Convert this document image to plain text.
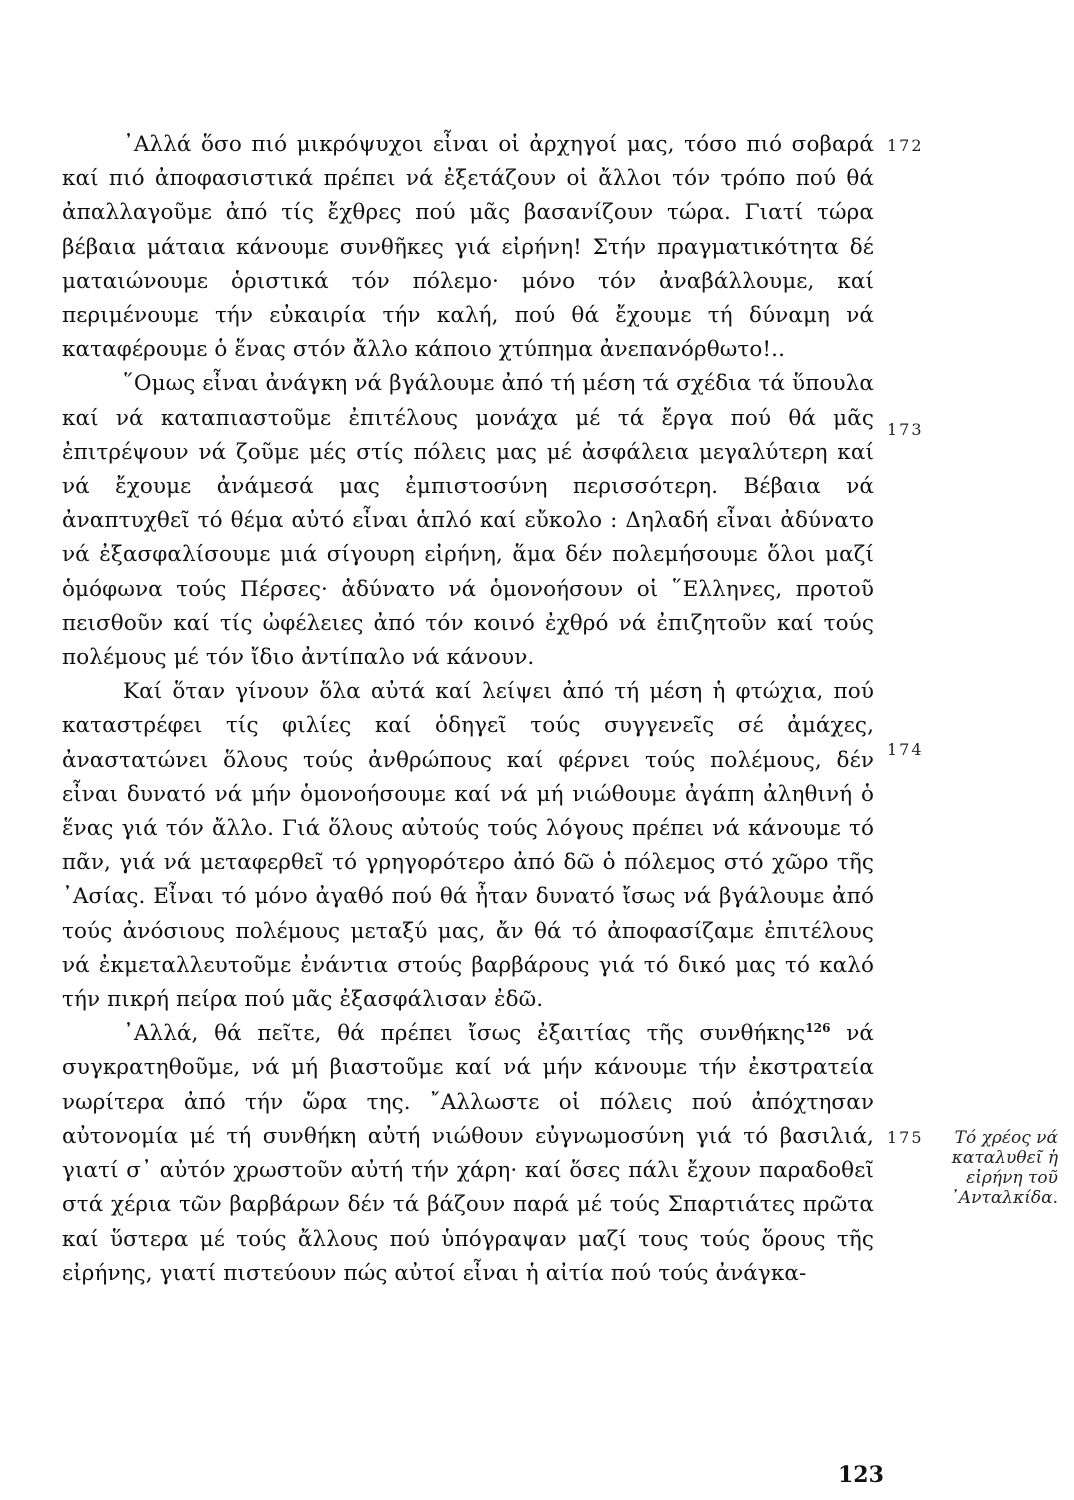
᾿Αλλά ὅσο πιό μικρόψυχοι εἶναι οἱ ἀρχηγοί μας, τόσο πιό σοβαρά καί πιό ἀποφασιστικά πρέπει νά ἐξετάζουν οἱ ἄλλοι τόν τρόπο πού θά ἀπαλλαγοῦμε ἀπό τίς ἔχθρες πού μᾶς βασανίζουν τώρα. Γιατί τώρα βέβαια μάταια κάνουμε συνθῆκες γιά εἰρήνη! Στήν πραγματικότητα δέ ματαιώνουμε ὁριστικά τόν πόλεμο· μόνο τόν ἀναβάλλουμε, καί περιμένουμε τήν εὐκαιρία τήν καλή, πού θά ἔχουμε τή δύναμη νά καταφέρουμε ὁ ἕνας στόν ἄλλο κάποιο χτύπημα ἀνεπανόρθωτο!..

῞Ομως εἶναι ἀνάγκη νά βγάλουμε ἀπό τή μέση τά σχέδια τά ὕπουλα καί νά καταπιαστοῦμε ἐπιτέλους μονάχα μέ τά ἔργα πού θά μᾶς ἐπιτρέψουν νά ζοῦμε μές στίς πόλεις μας μέ ἀσφάλεια μεγαλύτερη καί νά ἔχουμε ἀνάμεσά μας ἐμπιστοσύνη περισσότερη. Βέβαια νά ἀναπτυχθεῖ τό θέμα αὐτό εἶναι ἁπλό καί εὔκολο : Δηλαδή εἶναι ἀδύνατο νά ἐξασφαλίσουμε μιά σίγουρη εἰρήνη, ἅμα δέν πολεμήσουμε ὅλοι μαζί ὁμόφωνα τούς Πέρσες· ἀδύνατο νά ὁμονοήσουν οἱ ῞Ελληνες, προτοῦ πεισθοῦν καί τίς ὠφέλειες ἀπό τόν κοινό ἐχθρό νά ἐπιζητοῦν καί τούς πολέμους μέ τόν ἴδιο ἀντίπαλο νά κάνουν.

Καί ὅταν γίνουν ὅλα αὐτά καί λείψει ἀπό τή μέση ἡ φτώχια, πού καταστρέφει τίς φιλίες καί ὁδηγεῖ τούς συγγενεῖς σέ ἀμάχες, ἀναστατώνει ὅλους τούς ἀνθρώπους καί φέρνει τούς πολέμους, δέν εἶναι δυνατό νά μήν ὁμονοήσουμε καί νά μή νιώθουμε ἀγάπη ἀληθινή ὁ ἕνας γιά τόν ἄλλο. Γιά ὅλους αὐτούς τούς λόγους πρέπει νά κάνουμε τό πᾶν, γιά νά μεταφερθεῖ τό γρηγορότερο ἀπό δῶ ὁ πόλεμος στό χῶρο τῆς ᾿Ασίας. Εἶναι τό μόνο ἀγαθό πού θά ἦταν δυνατό ἴσως νά βγάλουμε ἀπό τούς ἀνόσιους πολέμους μεταξύ μας, ἄν θά τό ἀποφασίζαμε ἐπιτέλους νά ἐκμεταλλευτοῦμε ἐνάντια στούς βαρβάρους γιά τό δικό μας τό καλό τήν πικρή πείρα πού μᾶς ἐξασφάλισαν ἐδῶ.

᾿Αλλά, θά πεῖτε, θά πρέπει ἴσως ἐξαιτίας τῆς συνθήκης$^{126}$ νά συγκρατηθοῦμε, νά μή βιαστοῦμε καί νά μήν κάνουμε τήν ἐκστρατεία νωρίτερα ἀπό τήν ὥρα της. ῎Αλλωστε οἱ πόλεις πού ἀπόχτησαν αὐτονομία μέ τή συνθήκη αὐτή νιώθουν εὐγνωμοσύνη γιά τό βασιλιά, γιατί σ᾿ αὐτόν χρωστοῦν αὐτή τήν χάρη· καί ὅσες πάλι ἔχουν παραδοθεῖ στά χέρια τῶν βαρβάρων δέν τά βάζουν παρά μέ τούς Σπαρτιάτες πρῶτα καί ὕστερα μέ τούς ἄλλους πού ὑπόγραψαν μαζί τους τούς ὅρους τῆς εἰρήνης, γιατί πιστεύουν πώς αὐτοί εἶναι ἡ αἰτία πού τούς ἀνάγκα-

172
173
174
175	Τό χρέος νά
καταλυθεῖ ἡ
εἰρήνη τοῦ
᾿Ανταλκίδα.
123
